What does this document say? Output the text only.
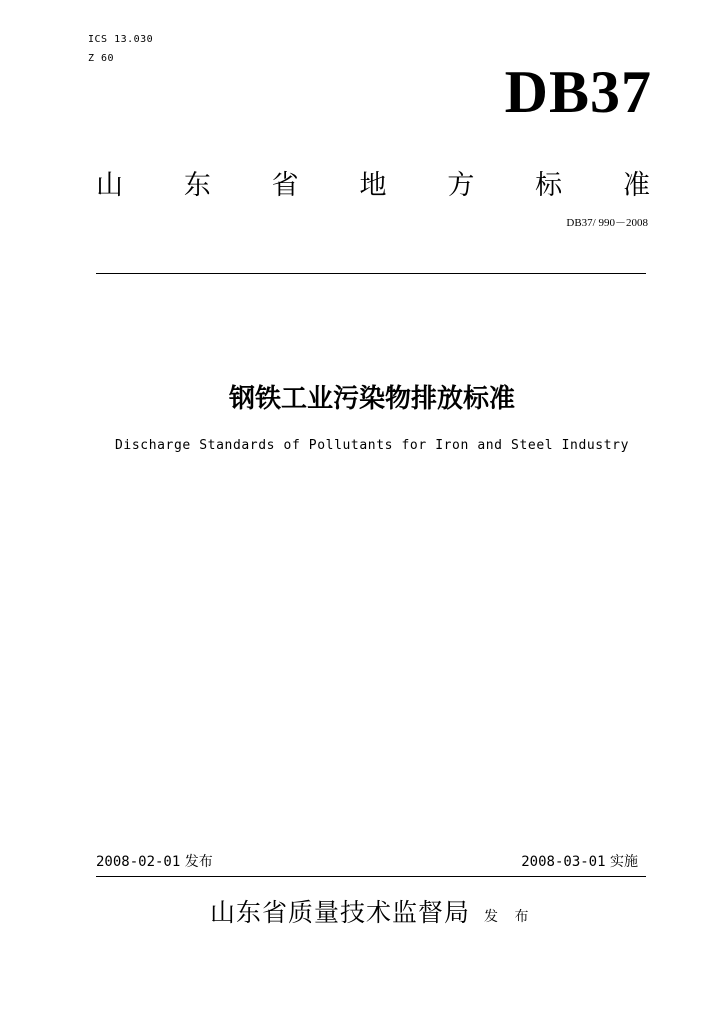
ICS 13.030
Z 60
DB37
山 东 省 地 方 标 准
DB37/ 990－2008
钢铁工业污染物排放标准
Discharge Standards of Pollutants for Iron and Steel Industry
2008-02-01 发布	2008-03-01 实施
山东省质量技术监督局 发 布
